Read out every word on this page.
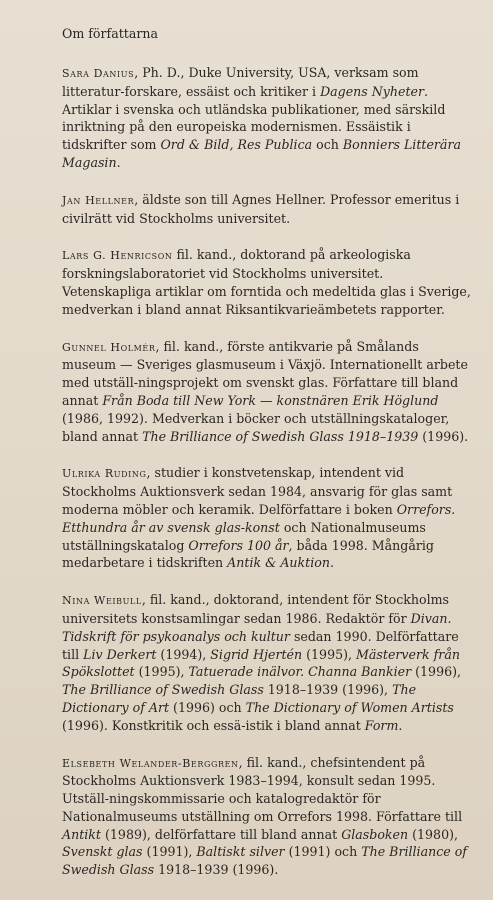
Om författarna

Sara Danius, Ph. D., Duke University, USA, verksam som litteratur-forskare, essäist och kritiker i Dagens Nyheter. Artiklar i svenska och utländska publikationer, med särskild inriktning på den europeiska modernismen. Essäistik i tidskrifter som Ord & Bild, Res Publica och Bonniers Litterära Magasin.

Jan Hellner, äldste son till Agnes Hellner. Professor emeritus i civilrätt vid Stockholms universitet.

Lars G. Henricson fil. kand., doktorand på arkeologiska forskningslaboratoriet vid Stockholms universitet. Vetenskapliga artiklar om forntida och medeltida glas i Sverige, medverkan i bland annat Riksantikvarieämbetets rapporter.

Gunnel Holmér, fil. kand., förste antikvarie på Smålands museum — Sveriges glasmuseum i Växjö. Internationellt arbete med utställ-ningsprojekt om svenskt glas. Författare till bland annat Från Boda till New York — konstnären Erik Höglund (1986, 1992). Medverkan i böcker och utställningskataloger, bland annat The Brilliance of Swedish Glass 1918–1939 (1996).

Ulrika Ruding, studier i konstvetenskap, intendent vid Stockholms Auktionsverk sedan 1984, ansvarig för glas samt moderna möbler och keramik. Delförfattare i boken Orrefors. Etthundra år av svensk glas-konst och Nationalmuseums utställningskatalog Orrefors 100 år, båda 1998. Mångårig medarbetare i tidskriften Antik & Auktion.

Nina Weibull, fil. kand., doktorand, intendent för Stockholms universitets konstsamlingar sedan 1986. Redaktör för Divan. Tidskrift för psykoanalys och kultur sedan 1990. Delförfattare till Liv Derkert (1994), Sigrid Hjertén (1995), Mästerverk från Spökslottet (1995), Tatuerade inälvor. Channa Bankier (1996), The Brilliance of Swedish Glass 1918–1939 (1996), The Dictionary of Art (1996) och The Dictionary of Women Artists (1996). Konstkritik och essä-istik i bland annat Form.

Elsebeth Welander-Berggren, fil. kand., chefsintendent på Stockholms Auktionsverk 1983–1994, konsult sedan 1995. Utställ-ningskommissarie och katalogredaktör för Nationalmuseums utställning om Orrefors 1998. Författare till Antikt (1989), delförfattare till bland annat Glasboken (1980), Svenskt glas (1991), Baltiskt silver (1991) och The Brilliance of Swedish Glass 1918–1939 (1996).
